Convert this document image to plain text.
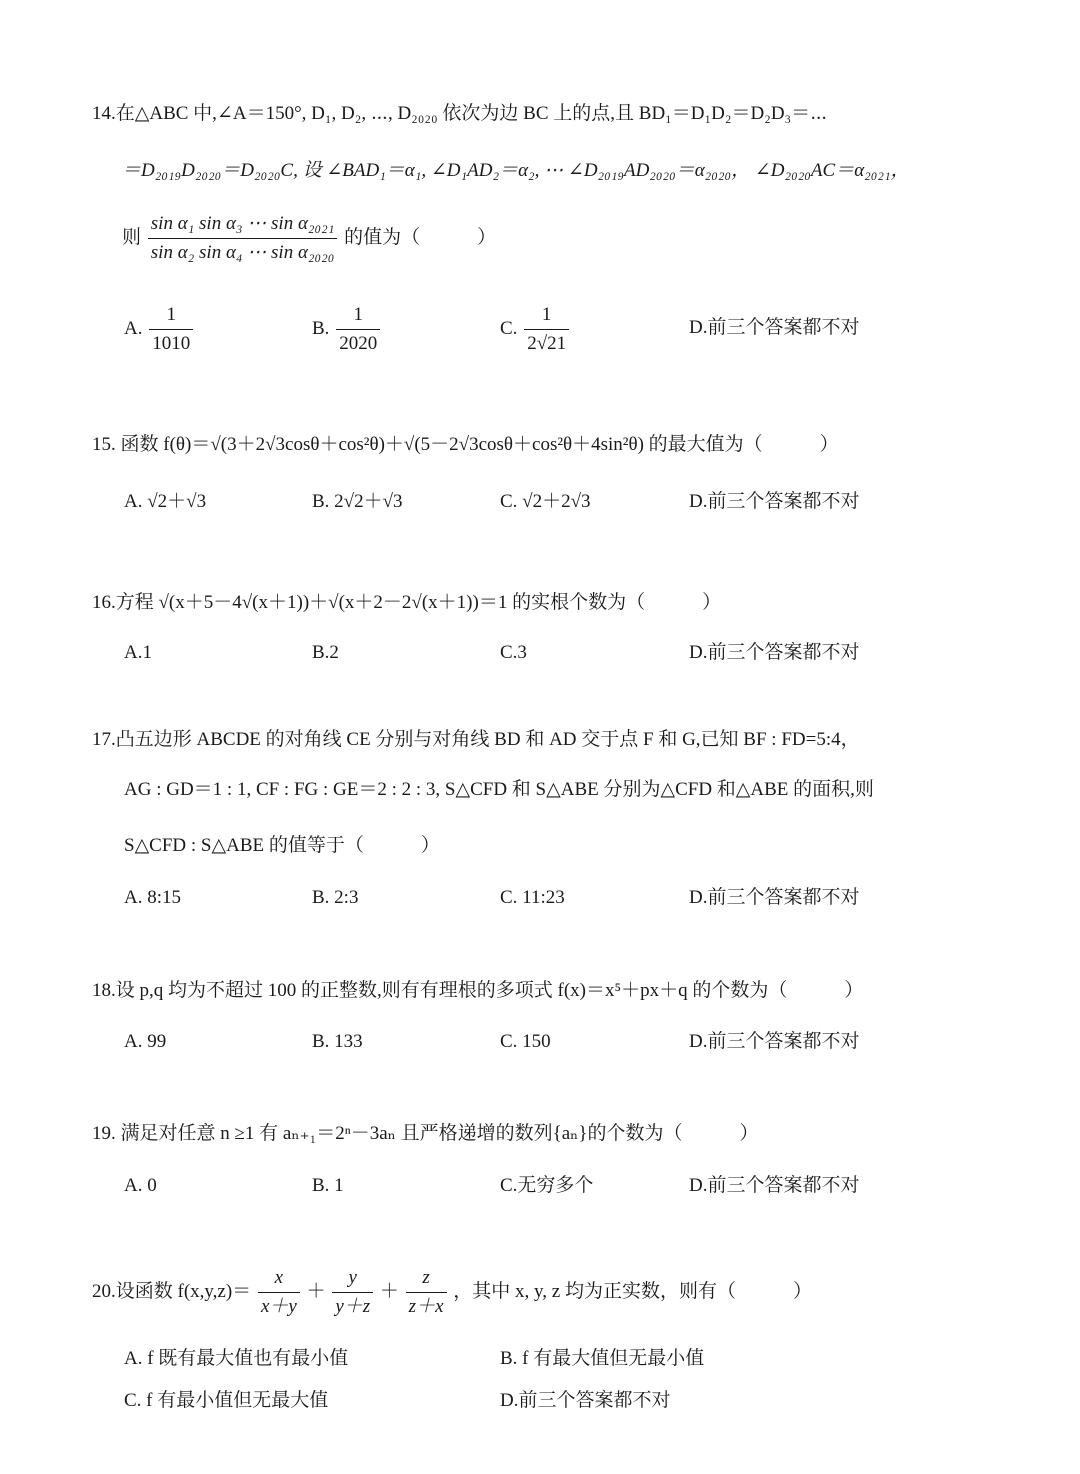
14.在△ABC 中,∠A＝150°, D₁, D₂, ⋯, D₂₀₂₀ 依次为边 BC 上的点,且 BD₁＝D₁D₂＝D₂D₃＝⋯
＝D₂₀₁₉D₂₀₂₀＝D₂₀₂₀C, 设 ∠BAD₁＝α₁, ∠D₁AD₂＝α₂, ⋯ ∠D₂₀₁₉AD₂₀₂₀＝α₂₀₂₀， ∠D₂₀₂₀AC＝α₂₀₂₁，
则 $\frac{\text{sin α₁ sin α₃ ⋯ sin α₂₀₂₁}}{\text{sin α₂ sin α₄ ⋯ sin α₂₀₂₀}}$ 的值为（　　　）
A. $\frac{1}{1010}$	B. $\frac{1}{2020}$	C. $\frac{1}{2√21}$	D.前三个答案都不对
15. 函数 f(θ)＝√(3＋2√3cosθ＋cos²θ)＋√(5－2√3cosθ＋cos²θ＋4sin²θ) 的最大值为（　　　）
A. √2＋√3	B. 2√2＋√3	C. √2＋2√3	D.前三个答案都不对
16.方程 √(x＋5－4√(x＋1))＋√(x＋2－2√(x＋1))＝1 的实根个数为（　　　）
A.1	B.2	C.3	D.前三个答案都不对
17.凸五边形 ABCDE 的对角线 CE 分别与对角线 BD 和 AD 交于点 F 和 G,已知 BF : FD=5:4，
AG : GD＝1 : 1, CF : FG : GE＝2 : 2 : 3, S△CFD 和 S△ABE 分别为△CFD 和△ABE 的面积,则
S△CFD : S△ABE 的值等于（　　　）
A. 8:15	B. 2:3	C. 11:23	D.前三个答案都不对
18.设 p,q 均为不超过 100 的正整数,则有有理根的多项式 f(x)＝x⁵＋px＋q 的个数为（　　　）
A. 99	B. 133	C. 150	D.前三个答案都不对
19. 满足对任意 n ≥1 有 aₙ₊₁＝2ⁿ－3aₙ 且严格递增的数列{aₙ}的个数为（　　　）
A. 0	B. 1	C.无穷多个	D.前三个答案都不对
20.设函数 $f(x,y,z)= \frac{x}{x+y} + \frac{y}{y+z} + \frac{z}{z+x}$ ，其中 x, y, z 均为正实数，则有（　　　）
A. f 既有最大值也有最小值	B. f 有最大值但无最小值
C. f 有最小值但无最大值	D.前三个答案都不对
